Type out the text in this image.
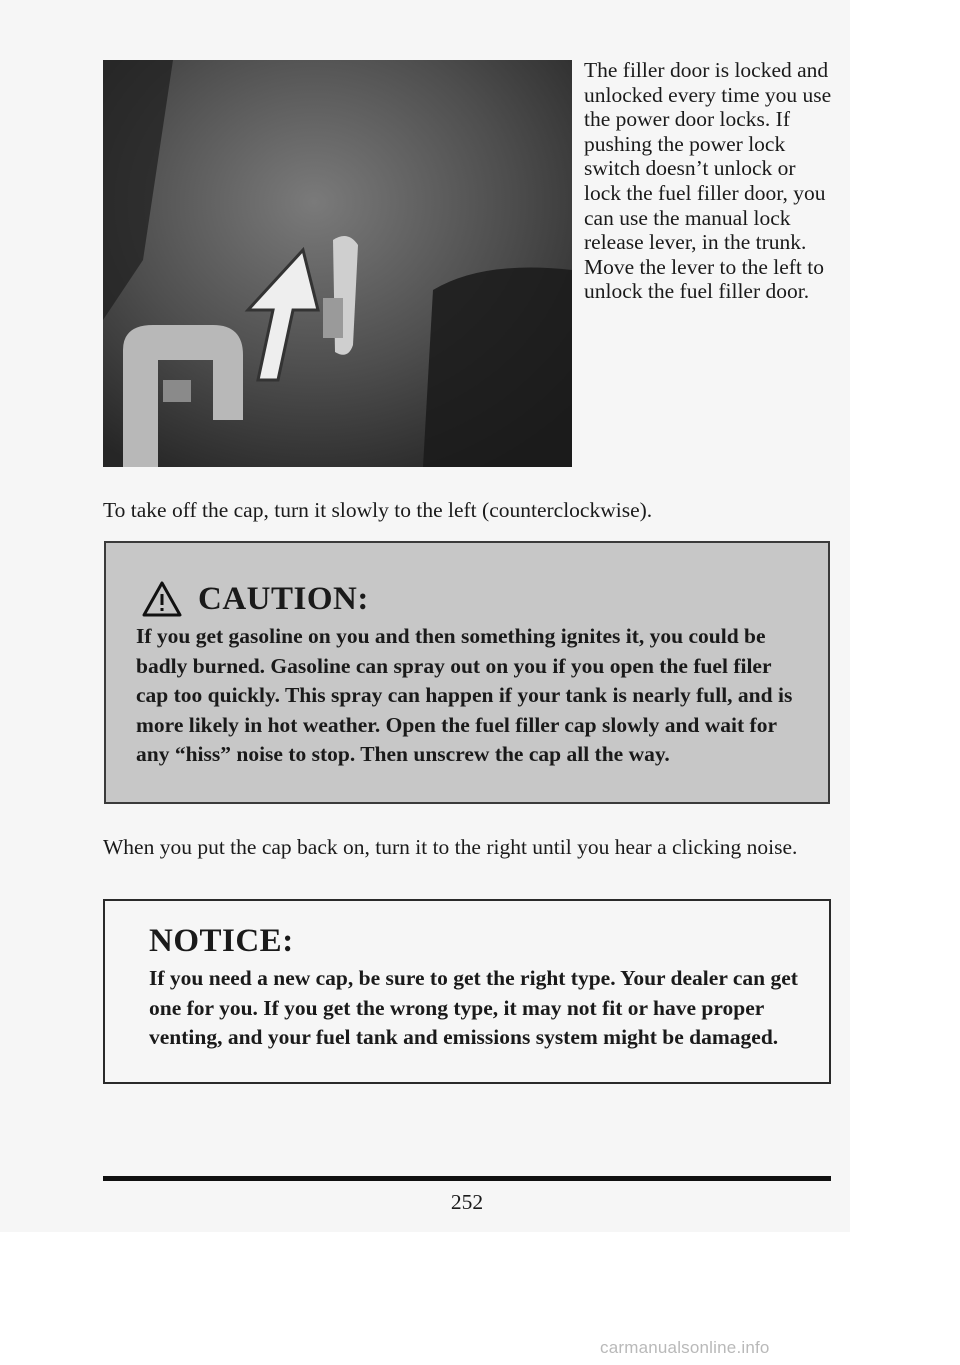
The filler door is locked and unlocked every time you use the power door locks. If pushing the power lock switch doesn’t unlock or lock the fuel filler door, you can use the manual lock release lever, in the trunk. Move the lever to the left to unlock the fuel filler door.

To take off the cap, turn it slowly to the left (counterclockwise).

CAUTION:

If you get gasoline on you and then something ignites it, you could be badly burned. Gasoline can spray out on you if you open the fuel filer cap too quickly. This spray can happen if your tank is nearly full, and is more likely in hot weather. Open the fuel filler cap slowly and wait for any “hiss” noise to stop. Then unscrew the cap all the way.

When you put the cap back on, turn it to the right until you hear a clicking noise.

NOTICE:

If you need a new cap, be sure to get the right type. Your dealer can get one for you. If you get the wrong type, it may not fit or have proper venting, and your fuel tank and emissions system might be damaged.

252

carmanualsonline.info
